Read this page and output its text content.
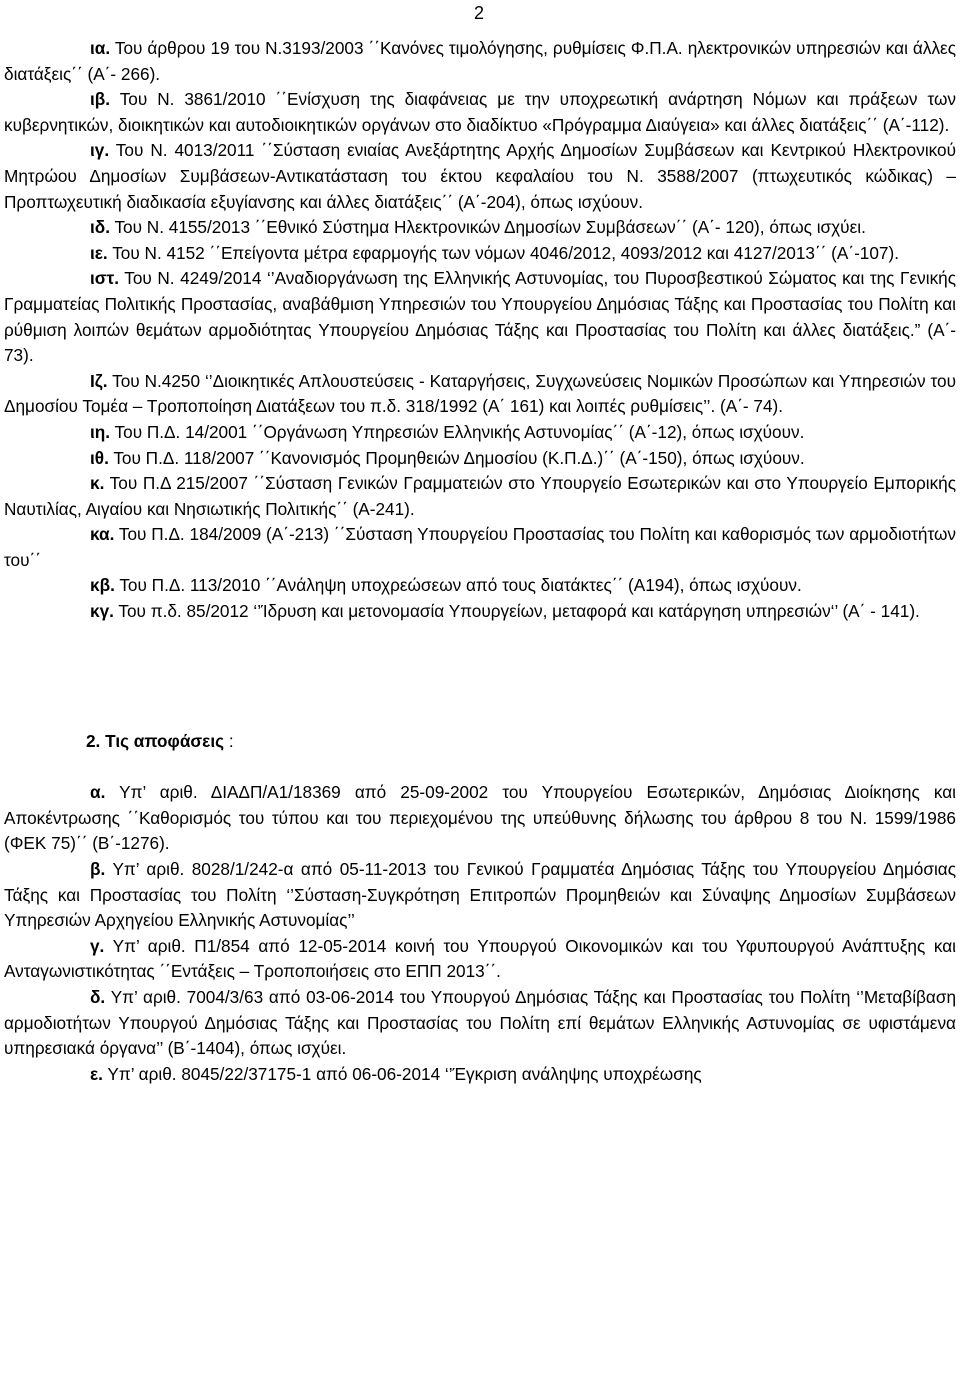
2

ια. Του άρθρου 19 του Ν.3193/2003 ΄΄Κανόνες τιμολόγησης, ρυθμίσεις Φ.Π.Α. ηλεκτρονικών υπηρεσιών και άλλες διατάξεις΄΄ (Α΄- 266).

ιβ. Του Ν. 3861/2010 ΄΄Ενίσχυση της διαφάνειας με την υποχρεωτική ανάρτηση Νόμων και πράξεων των κυβερνητικών, διοικητικών και αυτοδιοικητικών οργάνων στο διαδίκτυο «Πρόγραμμα Διαύγεια» και άλλες διατάξεις΄΄ (Α΄-112).

ιγ. Του Ν. 4013/2011 ΄΄Σύσταση ενιαίας Ανεξάρτητης Αρχής Δημοσίων Συμβάσεων και Κεντρικού Ηλεκτρονικού Μητρώου Δημοσίων Συμβάσεων-Αντικατάσταση του έκτου κεφαλαίου του Ν. 3588/2007 (πτωχευτικός κώδικας) – Προπτωχευτική διαδικασία εξυγίανσης και άλλες διατάξεις΄΄ (Α΄-204), όπως ισχύουν.

ιδ. Του Ν. 4155/2013 ΄΄Εθνικό Σύστημα Ηλεκτρονικών Δημοσίων Συμβάσεων΄΄ (Α΄- 120), όπως ισχύει.

ιε. Του Ν. 4152 ΄΄Επείγοντα μέτρα εφαρμογής των νόμων 4046/2012, 4093/2012 και 4127/2013΄΄ (Α΄-107).

ιστ. Του Ν. 4249/2014 ‘’Αναδιοργάνωση της Ελληνικής Αστυνομίας, του Πυροσβεστικού Σώματος και της Γενικής Γραμματείας Πολιτικής Προστασίας, αναβάθμιση Υπηρεσιών του Υπουργείου Δημόσιας Τάξης και Προστασίας του Πολίτη και ρύθμιση λοιπών θεμάτων αρμοδιότητας Υπουργείου Δημόσιας Τάξης και Προστασίας του Πολίτη και άλλες διατάξεις.” (Α΄- 73).

Ιζ. Του Ν.4250 ‘’Διοικητικές Απλουστεύσεις - Καταργήσεις, Συγχωνεύσεις Νομικών Προσώπων και Υπηρεσιών του Δημοσίου Τομέα – Τροποποίηση Διατάξεων του π.δ. 318/1992 (Α΄ 161) και λοιπές ρυθμίσεις’’. (Α΄- 74).

ιη. Του Π.Δ. 14/2001 ΄΄Οργάνωση Υπηρεσιών Ελληνικής Αστυνομίας΄΄ (Α΄-12), όπως ισχύουν.

ιθ. Του Π.Δ. 118/2007 ΄΄Κανονισμός Προμηθειών Δημοσίου (Κ.Π.Δ.)΄΄ (Α΄-150), όπως ισχύουν.

κ. Του Π.Δ 215/2007 ΄΄Σύσταση Γενικών Γραμματειών στο Υπουργείο Εσωτερικών και στο Υπουργείο Εμπορικής Ναυτιλίας, Αιγαίου και Νησιωτικής Πολιτικής΄΄ (Α-241).

κα. Του Π.Δ. 184/2009 (Α΄-213) ΄΄Σύσταση Υπουργείου Προστασίας του Πολίτη και καθορισμός των αρμοδιοτήτων του΄΄

κβ. Του Π.Δ. 113/2010 ΄΄Ανάληψη υποχρεώσεων από τους διατάκτες΄΄ (Α194), όπως ισχύουν.

κγ. Του π.δ. 85/2012 ‘’Ίδρυση και μετονομασία Υπουργείων, μεταφορά και κατάργηση υπηρεσιών‘’ (Α΄ - 141).

2. Τις αποφάσεις :

α. Υπ’ αριθ. ΔΙΑΔΠ/Α1/18369 από 25-09-2002 του Υπουργείου Εσωτερικών, Δημόσιας Διοίκησης και Αποκέντρωσης ΄΄Καθορισμός του τύπου και του περιεχομένου της υπεύθυνης δήλωσης του άρθρου 8 του Ν. 1599/1986 (ΦΕΚ 75)΄΄ (Β΄-1276).

β. Υπ’ αριθ. 8028/1/242-α από 05-11-2013 του Γενικού Γραμματέα Δημόσιας Τάξης του Υπουργείου Δημόσιας Τάξης και Προστασίας του Πολίτη ‘’Σύσταση-Συγκρότηση Επιτροπών Προμηθειών και Σύναψης Δημοσίων Συμβάσεων Υπηρεσιών Αρχηγείου Ελληνικής Αστυνομίας’’

γ. Υπ’ αριθ. Π1/854 από 12-05-2014 κοινή του Υπουργού Οικονομικών και του Υφυπουργού Ανάπτυξης και Ανταγωνιστικότητας ΄΄Εντάξεις – Τροποποιήσεις στο ΕΠΠ 2013΄΄.

δ. Υπ’ αριθ. 7004/3/63 από 03-06-2014 του Υπουργού Δημόσιας Τάξης και Προστασίας του Πολίτη ‘’Μεταβίβαση αρμοδιοτήτων Υπουργού Δημόσιας Τάξης και Προστασίας του Πολίτη επί θεμάτων Ελληνικής Αστυνομίας σε υφιστάμενα υπηρεσιακά όργανα’’ (Β΄-1404), όπως ισχύει.

ε. Υπ’ αριθ. 8045/22/37175-1 από 06-06-2014 ‘’Έγκριση ανάληψης υποχρέωσης
